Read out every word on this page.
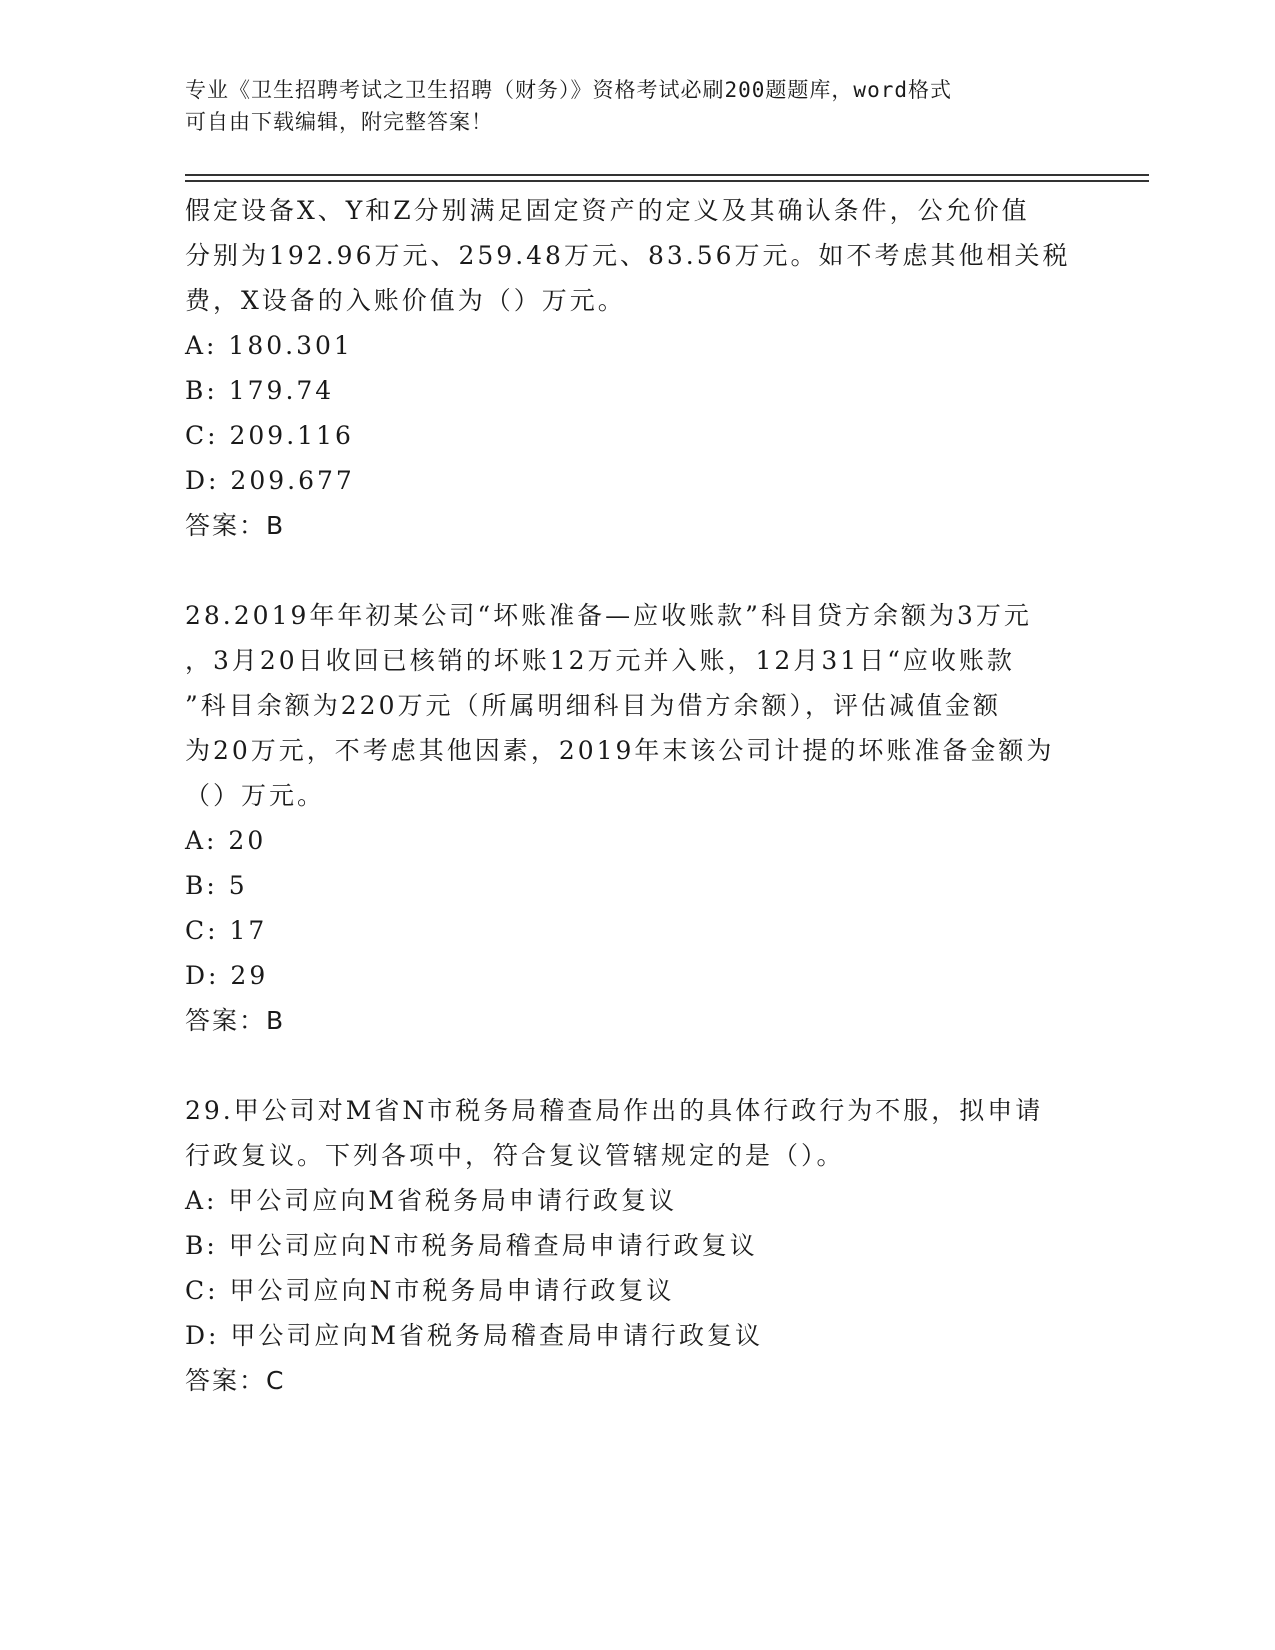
专业《卫生招聘考试之卫生招聘（财务）》资格考试必刷200题题库，word格式
可自由下载编辑，附完整答案！

假定设备X、Y和Z分别满足固定资产的定义及其确认条件，公允价值

分别为192.96万元、259.48万元、83.56万元。如不考虑其他相关税

费，X设备的入账价值为（）万元。

A: 180.301

B: 179.74

C: 209.116

D: 209.677

答案：B

28.2019年年初某公司“坏账准备—应收账款”科目贷方余额为3万元

，3月20日收回已核销的坏账12万元并入账，12月31日“应收账款

”科目余额为220万元（所属明细科目为借方余额），评估减值金额

为20万元，不考虑其他因素，2019年末该公司计提的坏账准备金额为

（）万元。

A: 20

B: 5

C: 17

D: 29

答案：B

29.甲公司对M省N市税务局稽查局作出的具体行政行为不服，拟申请

行政复议。下列各项中，符合复议管辖规定的是（）。

A: 甲公司应向M省税务局申请行政复议

B: 甲公司应向N市税务局稽查局申请行政复议

C: 甲公司应向N市税务局申请行政复议

D: 甲公司应向M省税务局稽查局申请行政复议

答案：C
